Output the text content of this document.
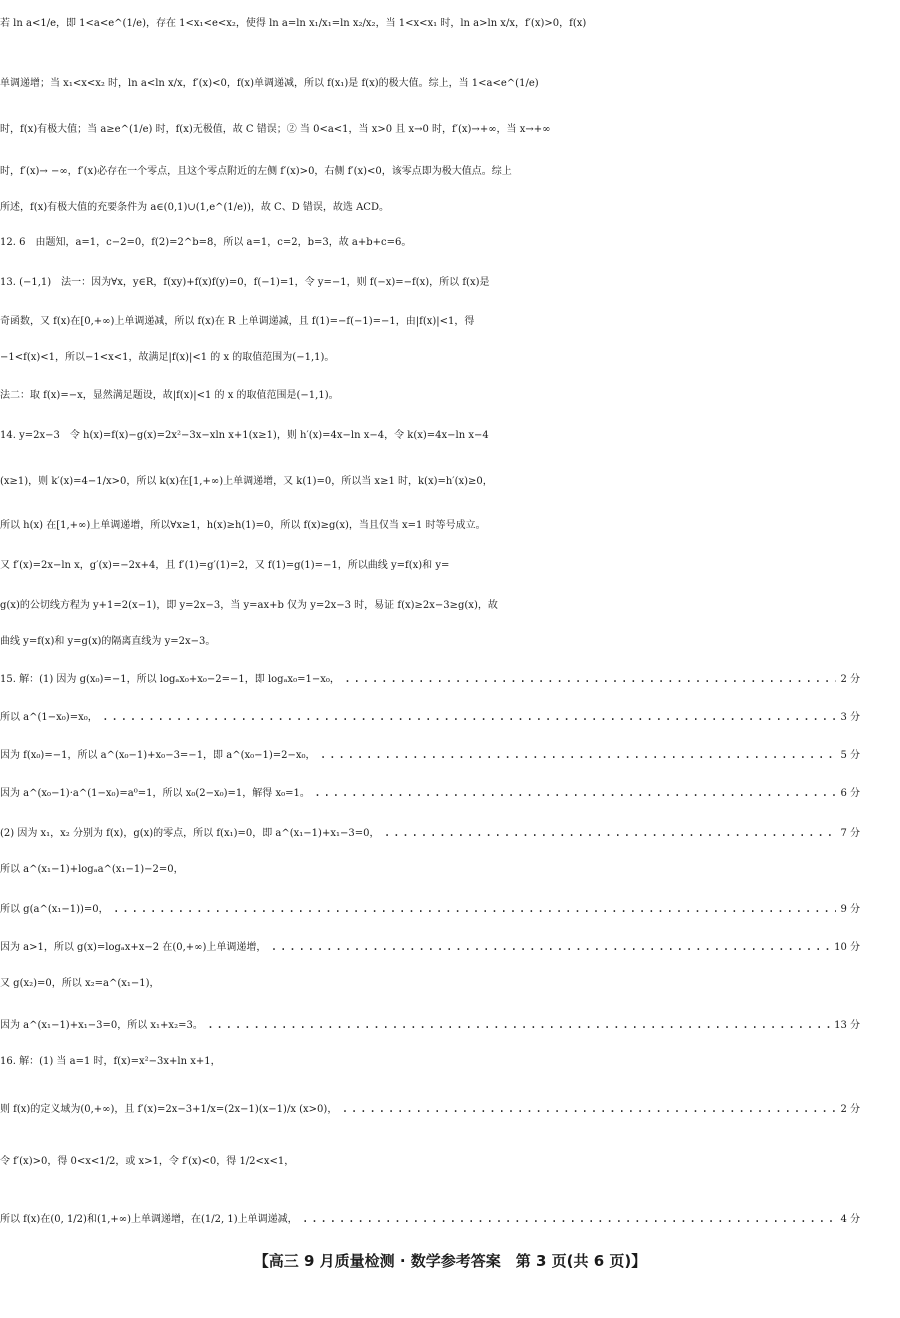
若 ln a<1/e，即 1<a<e^(1/e)，存在 1<x₁<e<x₂，使得 ln a=ln x₁/x₁=ln x₂/x₂，当 1<x<x₁ 时，ln a>ln x/x，f′(x)>0，f(x)

单调递增；当 x₁<x<x₂ 时，ln a<ln x/x，f′(x)<0，f(x)单调递减，所以 f(x₁)是 f(x)的极大值。综上，当 1<a<e^(1/e)

时，f(x)有极大值；当 a≥e^(1/e) 时，f(x)无极值，故 C 错误；② 当 0<a<1，当 x>0 且 x→0 时，f′(x)→+∞，当 x→+∞

时，f′(x)→ −∞，f′(x)必存在一个零点，且这个零点附近的左侧 f′(x)>0，右侧 f′(x)<0，该零点即为极大值点。综上

所述，f(x)有极大值的充要条件为 a∈(0,1)∪(1,e^(1/e))，故 C、D 错误，故选 ACD。

12. 6　由题知，a=1，c−2=0，f(2)=2^b=8，所以 a=1，c=2，b=3，故 a+b+c=6。

13. (−1,1)　法一：因为∀x，y∈R，f(xy)+f(x)f(y)=0，f(−1)=1，令 y=−1，则 f(−x)=−f(x)，所以 f(x)是

奇函数，又 f(x)在[0,+∞)上单调递减，所以 f(x)在 R 上单调递减，且 f(1)=−f(−1)=−1，由|f(x)|<1，得

−1<f(x)<1，所以−1<x<1，故满足|f(x)|<1 的 x 的取值范围为(−1,1)。

法二：取 f(x)=−x，显然满足题设，故|f(x)|<1 的 x 的取值范围是(−1,1)。

14. y=2x−3　令 h(x)=f(x)−g(x)=2x²−3x−xln x+1(x≥1)，则 h′(x)=4x−ln x−4，令 k(x)=4x−ln x−4

(x≥1)，则 k′(x)=4−1/x>0，所以 k(x)在[1,+∞)上单调递增，又 k(1)=0，所以当 x≥1 时，k(x)=h′(x)≥0，

所以 h(x) 在[1,+∞)上单调递增，所以∀x≥1，h(x)≥h(1)=0，所以 f(x)≥g(x)，当且仅当 x=1 时等号成立。

又 f′(x)=2x−ln x，g′(x)=−2x+4，且 f′(1)=g′(1)=2，又 f(1)=g(1)=−1，所以曲线 y=f(x)和 y=

g(x)的公切线方程为 y+1=2(x−1)，即 y=2x−3，当 y=ax+b 仅为 y=2x−3 时，易证 f(x)≥2x−3≥g(x)，故

曲线 y=f(x)和 y=g(x)的隔离直线为 y=2x−3。

15. 解：(1) 因为 g(x₀)=−1，所以 logₐx₀+x₀−2=−1，即 logₐx₀=1−x₀， .....	2 分
所以 a^(1−x₀)=x₀， .....	3 分
因为 f(x₀)=−1，所以 a^(x₀−1)+x₀−3=−1，即 a^(x₀−1)=2−x₀， .....	5 分
因为 a^(x₀−1)·a^(1−x₀)=a⁰=1，所以 x₀(2−x₀)=1，解得 x₀=1。 .....	6 分
(2) 因为 x₁，x₂ 分别为 f(x)，g(x)的零点，所以 f(x₁)=0，即 a^(x₁−1)+x₁−3=0， .....	7 分

所以 a^(x₁−1)+logₐa^(x₁−1)−2=0，

所以 g(a^(x₁−1))=0， .....	9 分
因为 a>1，所以 g(x)=logₐx+x−2 在(0,+∞)上单调递增， .....	10 分

又 g(x₂)=0，所以 x₂=a^(x₁−1)，

因为 a^(x₁−1)+x₁−3=0，所以 x₁+x₂=3。 .....	13 分

16. 解：(1) 当 a=1 时，f(x)=x²−3x+ln x+1，

则 f(x)的定义域为(0,+∞)，且 f′(x)=2x−3+1/x=(2x−1)(x−1)/x (x>0)， .....	2 分

令 f′(x)>0，得 0<x<1/2，或 x>1，令 f′(x)<0，得 1/2<x<1，

所以 f(x)在(0, 1/2)和(1,+∞)上单调递增，在(1/2, 1)上单调递减， .....	4 分
【高三 9 月质量检测 · 数学参考答案　第 3 页(共 6 页)】
